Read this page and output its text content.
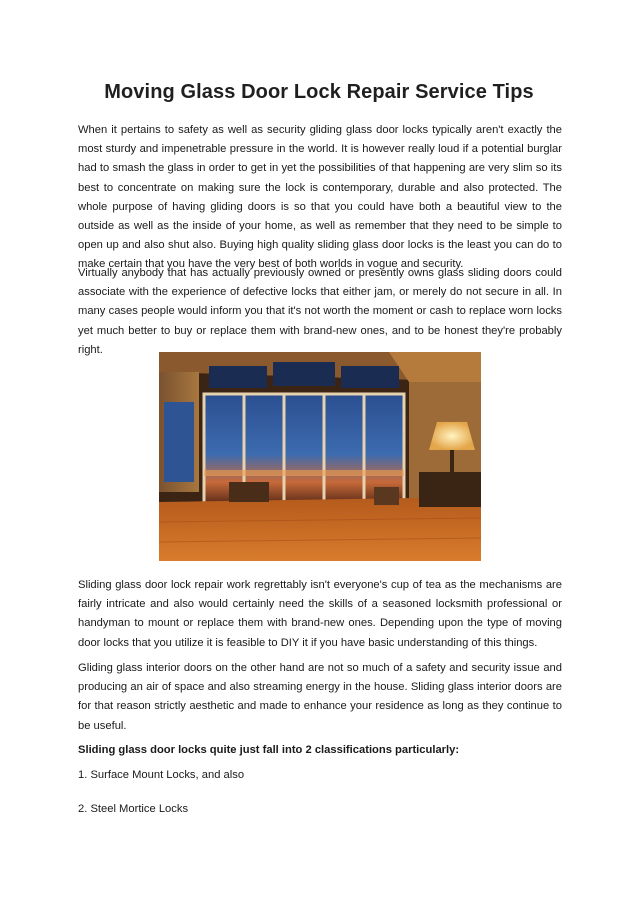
Moving Glass Door Lock Repair Service Tips

When it pertains to safety as well as security gliding glass door locks typically aren't exactly the most sturdy and impenetrable pressure in the world. It is however really loud if a potential burglar had to smash the glass in order to get in yet the possibilities of that happening are very slim so its best to concentrate on making sure the lock is contemporary, durable and also protected. The whole purpose of having gliding doors is so that you could have both a beautiful view to the outside as well as the inside of your home, as well as remember that they need to be simple to open up and also shut also. Buying high quality sliding glass door locks is the least you can do to make certain that you have the very best of both worlds in vogue and security.

Virtually anybody that has actually previously owned or presently owns glass sliding doors could associate with the experience of defective locks that either jam, or merely do not secure in all. In many cases people would inform you that it's not worth the moment or cash to replace worn locks yet much better to buy or replace them with brand-new ones, and to be honest they're probably right.

Sliding glass door lock repair work regrettably isn't everyone's cup of tea as the mechanisms are fairly intricate and also would certainly need the skills of a seasoned locksmith professional or handyman to mount or replace them with brand-new ones. Depending upon the type of moving door locks that you utilize it is feasible to DIY it if you have basic understanding of this things.

Gliding glass interior doors on the other hand are not so much of a safety and security issue and producing an air of space and also streaming energy in the house. Sliding glass interior doors are for that reason strictly aesthetic and made to enhance your residence as long as they continue to be useful.

Sliding glass door locks quite just fall into 2 classifications particularly:

1. Surface Mount Locks, and also

2. Steel Mortice Locks
